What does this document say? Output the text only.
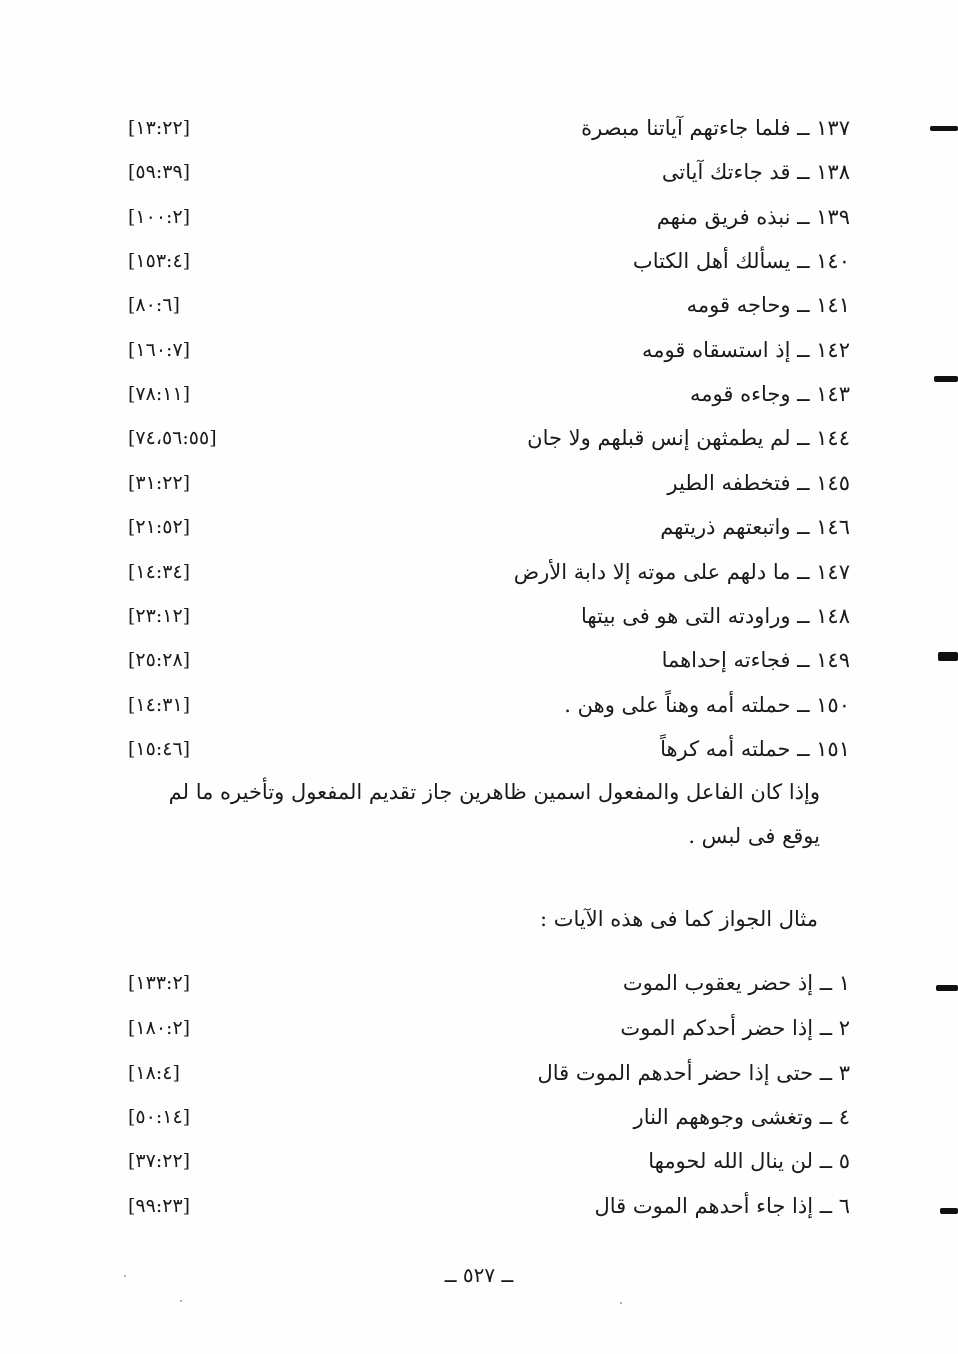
١٣٧ ــ فلما جاءتهم آياتنا مبصرة
[١٣:٢٢]
١٣٨ ــ قد جاءتك آياتى
[٥٩:٣٩]
١٣٩ ــ نبذه فريق منهم
[١٠٠:٢]
١٤٠ ــ يسألك أهل الكتاب
[١٥٣:٤]
١٤١ ــ وحاجه قومه
[٨٠:٦]
١٤٢ ــ إذ استسقاه قومه
[١٦٠:٧]
١٤٣ ــ وجاءه قومه
[٧٨:١١]
١٤٤ ــ لم يطمثهن إنس قبلهم ولا جان
[٧٤،٥٦:٥٥]
١٤٥ ــ فتخطفه الطير
[٣١:٢٢]
١٤٦ ــ واتبعتهم ذريتهم
[٢١:٥٢]
١٤٧ ــ ما دلهم على موته إلا دابة الأرض
[١٤:٣٤]
١٤٨ ــ وراودته التى هو فى بيتها
[٢٣:١٢]
١٤٩ ــ فجاءته إحداهما
[٢٥:٢٨]
١٥٠ ــ حملته أمه وهناً على وهن .
[١٤:٣١]
١٥١ ــ حملته أمه كرهاً
[١٥:٤٦]

وإذا كان الفاعل والمفعول اسمين ظاهرين جاز تقديم المفعول وتأخيره ما لم يوقع فى لبس .

مثال الجواز كما فى هذه الآيات :
١ ــ إذ حضر يعقوب الموت
[١٣٣:٢]
٢ ــ إذا حضر أحدكم الموت
[١٨٠:٢]
٣ ــ حتى إذا حضر أحدهم الموت قال
[١٨:٤]
٤ ــ وتغشى وجوههم النار
[٥٠:١٤]
٥ ــ لن ينال الله لحومها
[٣٧:٢٢]
٦ ــ إذا جاء أحدهم الموت قال
[٩٩:٢٣]
ــ ٥٢٧ ــ
